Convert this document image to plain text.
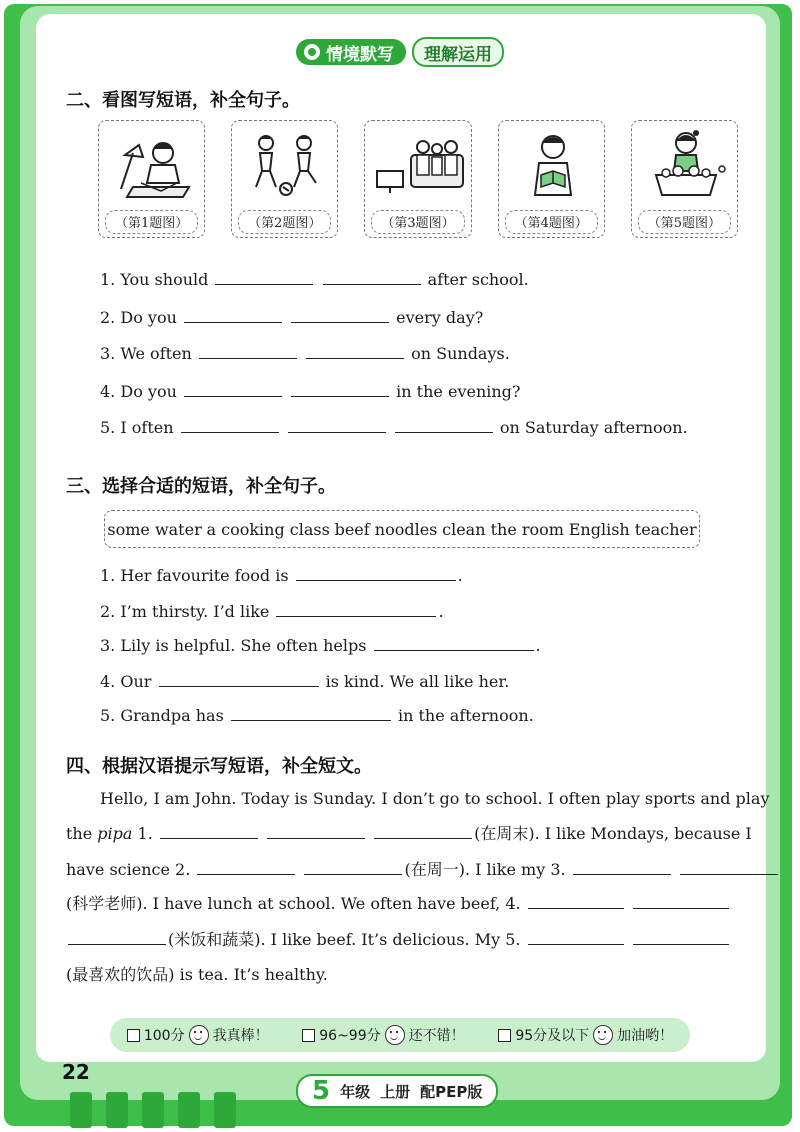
情境默写	理解运用
二、看图写短语，补全句子。
（第1题图）	（第2题图）	（第3题图）	（第4题图）	（第5题图）
1. You should	after school.
2. Do you	every day?
3. We often	on Sundays.
4. Do you	in the evening?
5. I often	on Saturday afternoon.
三、选择合适的短语，补全句子。
some water a cooking class beef noodles clean the room English teacher
1. Her favourite food is	.
2. I’m thirsty. I’d like	.
3. Lily is helpful. She often helps	.
4. Our	is kind. We all like her.
5. Grandpa has	in the afternoon.
四、根据汉语提示写短语，补全短文。
Hello, I am John. Today is Sunday. I don’t go to school. I often play sports and play
the pipa 1.	(在周末). I like Mondays, because I
have science 2.	(在周一). I like my 3.
(科学老师). I have lunch at school. We often have beef, 4.
(米饭和蔬菜). I like beef. It’s delicious. My 5.
(最喜欢的饮品) is tea. It’s healthy.
100分 我真棒！	96~99分 还不错！	95分及以下 加油哟！
22
5 年级 上册 配PEP版
